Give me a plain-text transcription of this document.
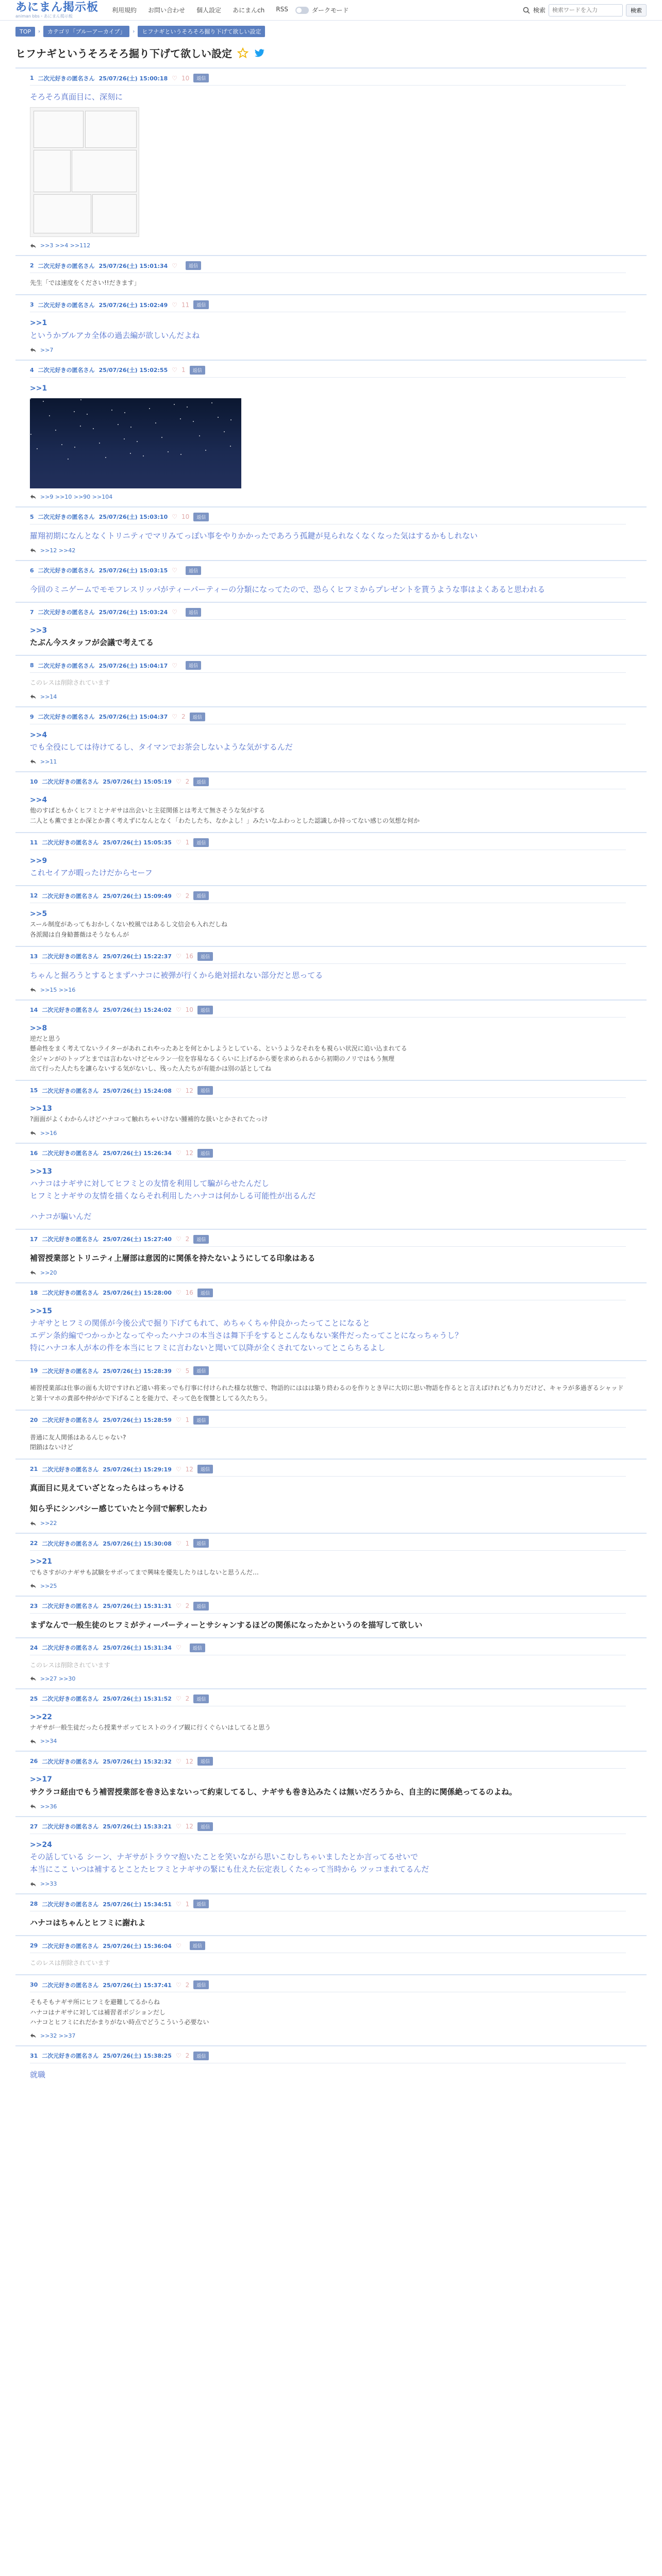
あにまん掲示板
animan bbs・あにまん掲示板
利用規約 お問い合わせ 個人設定 あにまんch RSS	ダークモード	検索
検索ワードを入力	検索
TOP	›	カテゴリ「ブルーアーカイブ」	›	ヒフナギというそろそろ掘り下げて欲しい設定
ヒフナギというそろそろ掘り下げて欲しい設定
1 二次元好きの匿名さん 25/07/26(土) 15:00:18 ♡ 10	返信
そろそろ真面目に、深刻に
>>3 >>4 >>112
2 二次元好きの匿名さん 25/07/26(土) 15:01:34 ♡	返信
先生「では速度をください!!だきます」
3 二次元好きの匿名さん 25/07/26(土) 15:02:49 ♡ 11	返信
>>1
というかブルアカ全体の過去編が欲しいんだよね
>>7
4 二次元好きの匿名さん 25/07/26(土) 15:02:55 ♡ 1	返信
>>1
>>9 >>10 >>90 >>104
5 二次元好きの匿名さん 25/07/26(土) 15:03:10 ♡ 10	返信
羅翔初期になんとなくトリニティでマリみてっぽい事をやりかかったであろう孤鍵が見られなくなくなった気はするかもしれない
>>12 >>42
6 二次元好きの匿名さん 25/07/26(土) 15:03:15 ♡	返信
今回のミニゲームでモモフレスリッパがティーパーティーの分類になってたので、恐らくヒフミからプレゼントを貰うような事はよくあると思われる
7 二次元好きの匿名さん 25/07/26(土) 15:03:24 ♡	返信
>>3
たぶん今スタッフが会議で考えてる
8 二次元好きの匿名さん 25/07/26(土) 15:04:17 ♡	返信
このレスは削除されています
>>14
9 二次元好きの匿名さん 25/07/26(土) 15:04:37 ♡ 2	返信
>>4
でも全役にしては待けてるし、タイマンでお茶会しないような気がするんだ
>>11
10 二次元好きの匿名さん 25/07/26(土) 15:05:19 ♡ 2	返信
>>4
他のすぱともかくヒフミとナギサは出会いと主従関係とは考えて無さそうな気がする
二人とも薫でまとか深とか書く考えずになんとなく「わたしたち、なかよし！」みたいなふわっとした認識しか持ってない感じの気想な何か
11 二次元好きの匿名さん 25/07/26(土) 15:05:35 ♡ 1	返信
>>9
これセイアが暇ったけだからセーフ
12 二次元好きの匿名さん 25/07/26(土) 15:09:49 ♡ 2	返信
>>5
スール制度があってもおかしくない校風ではあるし文信会も入れだしね
各派閥は自身勧薔薇はそうなもんが
13 二次元好きの匿名さん 25/07/26(土) 15:22:37 ♡ 16	返信
ちゃんと掘ろうとするとまずハナコに被弾が行くから絶対揺れない部分だと思ってる
>>15 >>16
14 二次元好きの匿名さん 25/07/26(土) 15:24:02 ♡ 10	返信
>>8
逆だと思う
懸命性をまく考えてないライターがあれこれやったあとを何とかしようとしている、というようなそれをも視らい状況に追い込まれてる
全ジャンがのトップとまでは言わないけどセルラン一位を容易なるくらいに上げるから要を求められるから初期のノリではもう無理
出て行った人たちを讓らないする気がないし、残った人たちが有能かは別の話としてね
15 二次元好きの匿名さん 25/07/26(土) 15:24:08 ♡ 12	返信
>>13
?面面がよくわからんけどハナコって触れちゃいけない腫補的な扱いとかされてたっけ
>>16
16 二次元好きの匿名さん 25/07/26(土) 15:26:34 ♡ 12	返信
>>13
ハナコはナギサに対してヒフミとの友情を利用して騙がらせたんだし
ヒフミとナギサの友情を描くならそれ利用したハナコは何かしる可能性が出るんだ
ハナコが騙いんだ
17 二次元好きの匿名さん 25/07/26(土) 15:27:40 ♡ 2	返信
補習授業部とトリニティ上層部は意図的に関係を持たないようにしてる印象はある
>>20
18 二次元好きの匿名さん 25/07/26(土) 15:28:00 ♡ 16	返信
>>15
ナギサとヒフミの関係が今後公式で掘り下げてもれて、めちゃくちゃ仲良かったってことになると
エデン条約編でつかっかとなってやったハナコの本当さは舞下手をするとこんなもない案件だったってことになっちゃうし？
特にハナコ本人が本の件を本当にヒフミに言わないと聞いて以降が全くされてないってとこらちるよし
19 二次元好きの匿名さん 25/07/26(土) 15:28:39 ♡ 5	返信
補習授業部は仕事の面も大切ですけれど遠い将来っでも行事に付けられた様な状態で、物語的にははは築り終わるのを作りとき早に大切に思い物語を作るとと言えばけれども力りだけど、キャラが多過ぎるシャッドと第十マホの責部や仲がかで下げることを能力で、そって色を復讐としてる久たちう。
20 二次元好きの匿名さん 25/07/26(土) 15:28:59 ♡ 1	返信
普通に友人関係はあるんじゃない?
閉鎖はないけど
21 二次元好きの匿名さん 25/07/26(土) 15:29:19 ♡ 12	返信
真面目に見えていざとなったらはっちゃける
知ら乎にシンパシー感じていたと今回で解釈したわ
>>22
22 二次元好きの匿名さん 25/07/26(土) 15:30:08 ♡ 1	返信
>>21
でもさすがのナギサも試験をサボってまで興味を優先したりはしないと思うんだ…
>>25
23 二次元好きの匿名さん 25/07/26(土) 15:31:31 ♡ 2	返信
まずなんで一般生徒のヒフミがティーパーティーとサシャンするほどの関係になったかというのを描写して欲しい
24 二次元好きの匿名さん 25/07/26(土) 15:31:34 ♡	返信
このレスは削除されています
>>27 >>30
25 二次元好きの匿名さん 25/07/26(土) 15:31:52 ♡ 2	返信
>>22
ナギサが一般生徒だったら授業サボッてヒストのライブ観に行くぐらいはしてると思う
>>34
26 二次元好きの匿名さん 25/07/26(土) 15:32:32 ♡ 12	返信
>>17
サクラコ経由でもう補習授業部を巻き込まないって約束してるし、ナギサも巻き込みたくは無いだろうから、自主的に関係絶ってるのよね。
>>36
27 二次元好きの匿名さん 25/07/26(土) 15:33:21 ♡ 12	返信
>>24
その話している シーン、ナギサがトラウマ抱いたことを笑いながら思いこむしちゃいましたとか言ってるせいで
本当にここ いつは補するとことたヒフミとナギサの緊にも仕えた伝定表しくたゃって当時から ツッコまれてるんだ
>>33
28 二次元好きの匿名さん 25/07/26(土) 15:34:51 ♡ 1	返信
ハナコはちゃんとヒフミに謝れよ
29 二次元好きの匿名さん 25/07/26(土) 15:36:04 ♡	返信
このレスは削除されています
30 二次元好きの匿名さん 25/07/26(土) 15:37:41 ♡ 2	返信
そもそもナギサ所にヒフミを避難してるからね
ハナコはナギサに対しては補習者ポジションだし
ハナコとヒフミにれだかまりがない時点でどうこういう必要ない
>>32 >>37
31 二次元好きの匿名さん 25/07/26(土) 15:38:25 ♡ 2	返信
就職
